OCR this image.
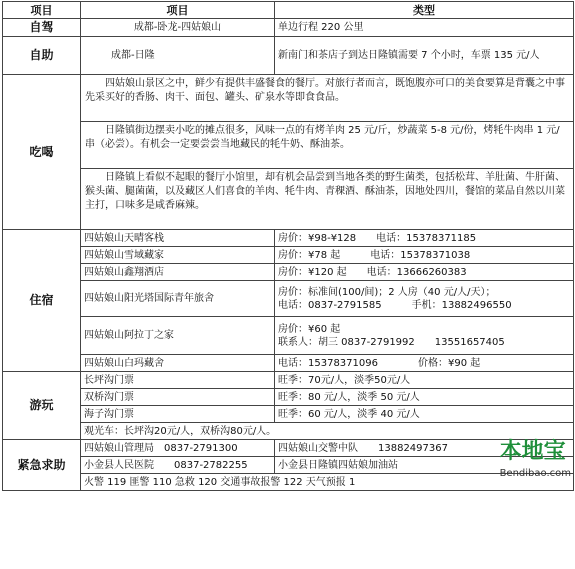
项目	项目	类型
自驾	成都-卧龙-四姑娘山	单边行程 220 公里
自助	成都-日隆	新南门和茶店子到达日隆镇需要 7 个小时，车票 135 元/人
吃喝	四姑娘山景区之中，鲜少有提供丰盛餐食的餐厅。对旅行者而言，既饱腹亦可口的美食要算是背囊之中事先采买好的香肠、肉干、面包、罐头、矿泉水等即食食品。
日隆镇街边摆卖小吃的摊点很多，风味一点的有烤羊肉 25 元/斤，炒蔬菜 5-8 元/份，烤牦牛肉串 1 元/串（必尝）。有机会一定要尝尝当地藏民的牦牛奶、酥油茶。
日隆镇上看似不起眼的餐厅小馆里，却有机会品尝到当地各类的野生菌类，包括松茸、羊肚菌、牛肝菌、猴头菌、腿菌菌，以及藏区人们喜食的羊肉、牦牛肉、青稞酒、酥油茶，因地处四川，餐馆的菜品自然以川菜主打，口味多是咸香麻辣。	

住宿	四姑娘山天晴客栈	房价：¥98-¥128　　电话：15378371185
	四姑娘山雪域藏家	房价：¥78 起　　　电话：15378371038
	四姑娘山鑫翔酒店	房价：¥120 起　　电话：13666260383
	四姑娘山阳光塔国际青年旅舍	房价：标准间(100/间)；2 人房（40 元/人/天）；
电话：0837-2791585　　　手机：13882496550

	四姑娘山阿拉丁之家	房价：¥60 起
联系人：胡三 0837-2791992　　13551657405

	四姑娘山白玛藏舍	电话：15378371096　　　　价格：¥90 起
游玩	长坪沟门票	旺季：70元/人，淡季50元/人
	双桥沟门票	旺季：80 元/人，淡季 50 元/人
	海子沟门票	旺季：60 元/人，淡季 40 元/人
	观光车：长坪沟20元/人，双桥沟80元/人。	
紧急求助	四姑娘山管理局　0837-2791300	四姑娘山交警中队　　13882497367
	小金县人民医院　　0837-2782255	小金县日隆镇四姑娘加油站
	火警 119 匪警 110 急救 120 交通事故报警 122 天气预报 1	
本地宝
Bendibao.com
